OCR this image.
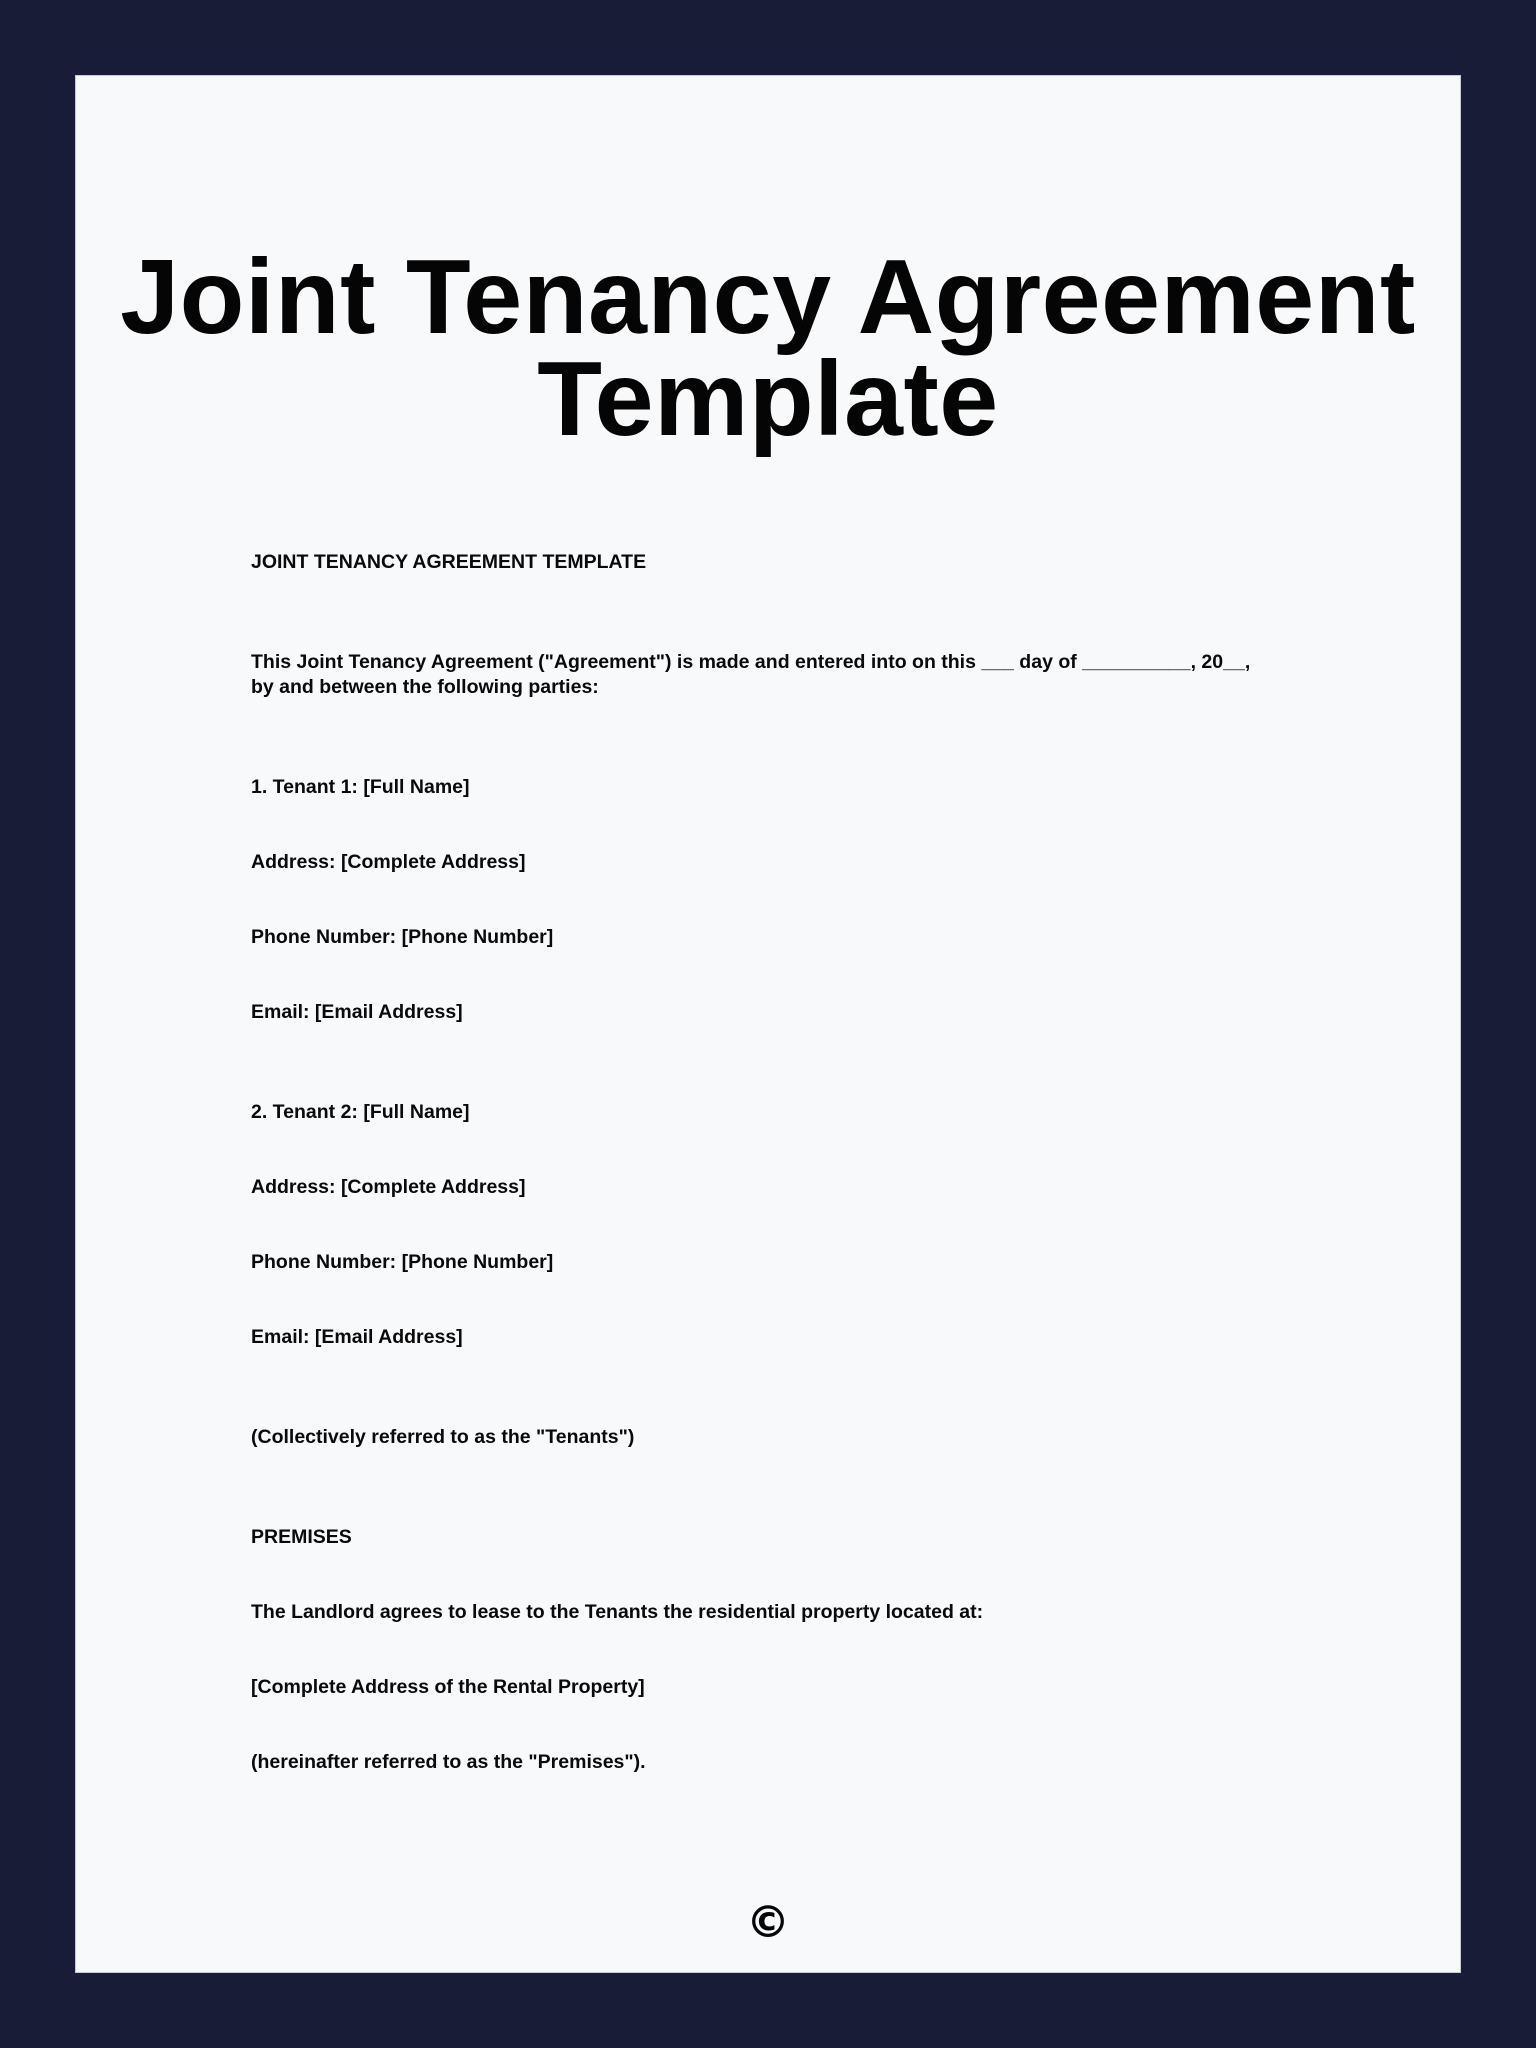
Joint Tenancy Agreement
Template

JOINT TENANCY AGREEMENT TEMPLATE

This Joint Tenancy Agreement ("Agreement") is made and entered into on this ___ day of __________, 20__,

by and between the following parties:

1. Tenant 1: [Full Name]

Address: [Complete Address]

Phone Number: [Phone Number]

Email: [Email Address]

2. Tenant 2: [Full Name]

Address: [Complete Address]

Phone Number: [Phone Number]

Email: [Email Address]

(Collectively referred to as the "Tenants")

PREMISES

The Landlord agrees to lease to the Tenants the residential property located at:

[Complete Address of the Rental Property]

(hereinafter referred to as the "Premises").

©
